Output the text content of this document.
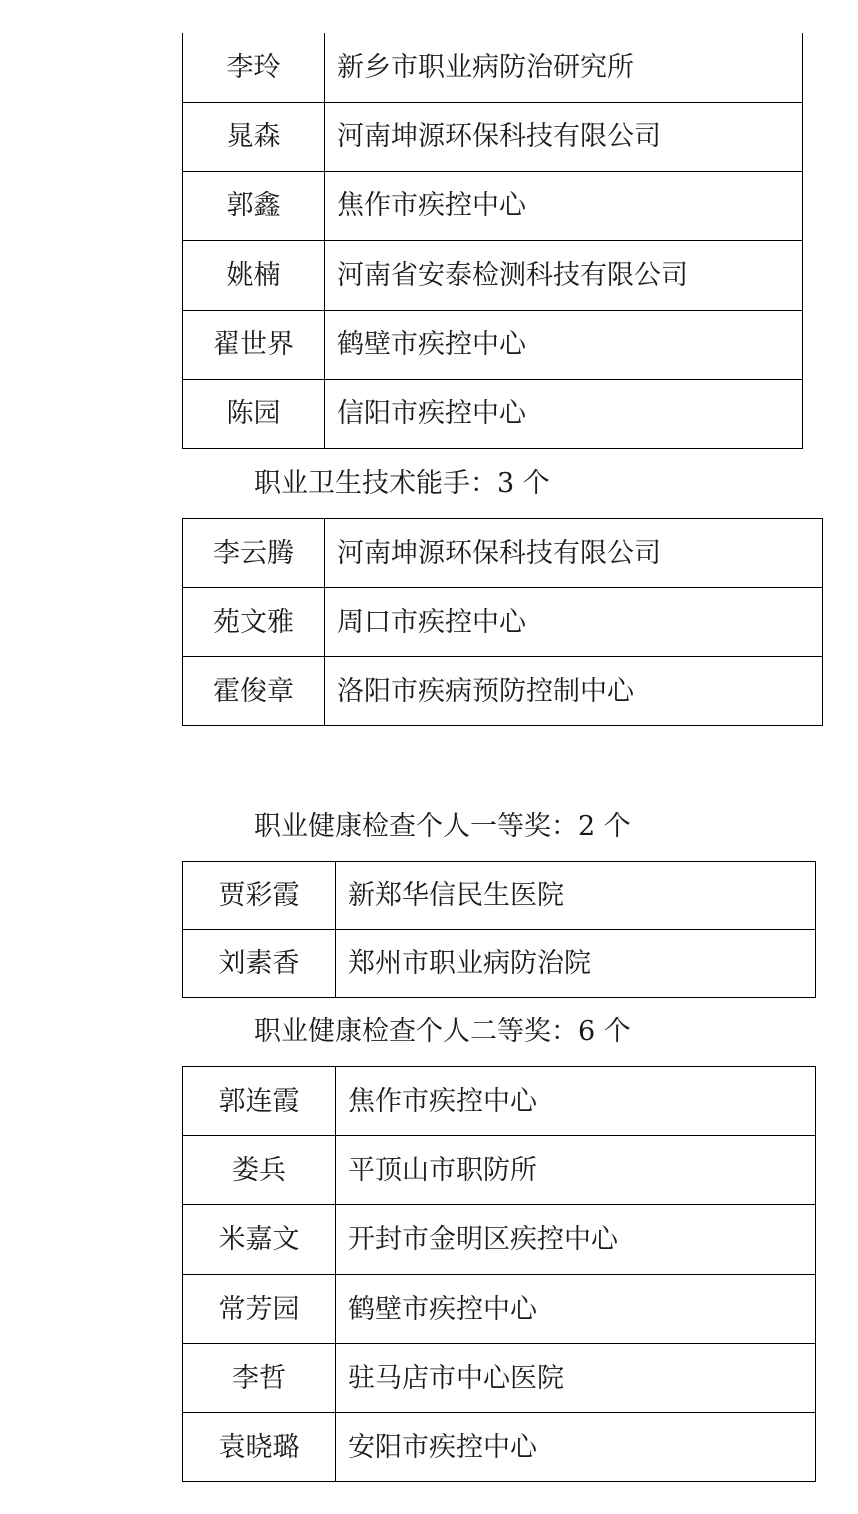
李玲	新乡市职业病防治研究所
晁森	河南坤源环保科技有限公司
郭鑫	焦作市疾控中心
姚楠	河南省安泰检测科技有限公司
翟世界	鹤壁市疾控中心
陈园	信阳市疾控中心
职业卫生技术能手：3 个
李云腾	河南坤源环保科技有限公司
苑文雅	周口市疾控中心
霍俊章	洛阳市疾病预防控制中心
职业健康检查个人一等奖：2 个
贾彩霞	新郑华信民生医院
刘素香	郑州市职业病防治院
职业健康检查个人二等奖：6 个
郭连霞	焦作市疾控中心
娄兵	平顶山市职防所
米嘉文	开封市金明区疾控中心
常芳园	鹤壁市疾控中心
李哲	驻马店市中心医院
袁晓璐	安阳市疾控中心
